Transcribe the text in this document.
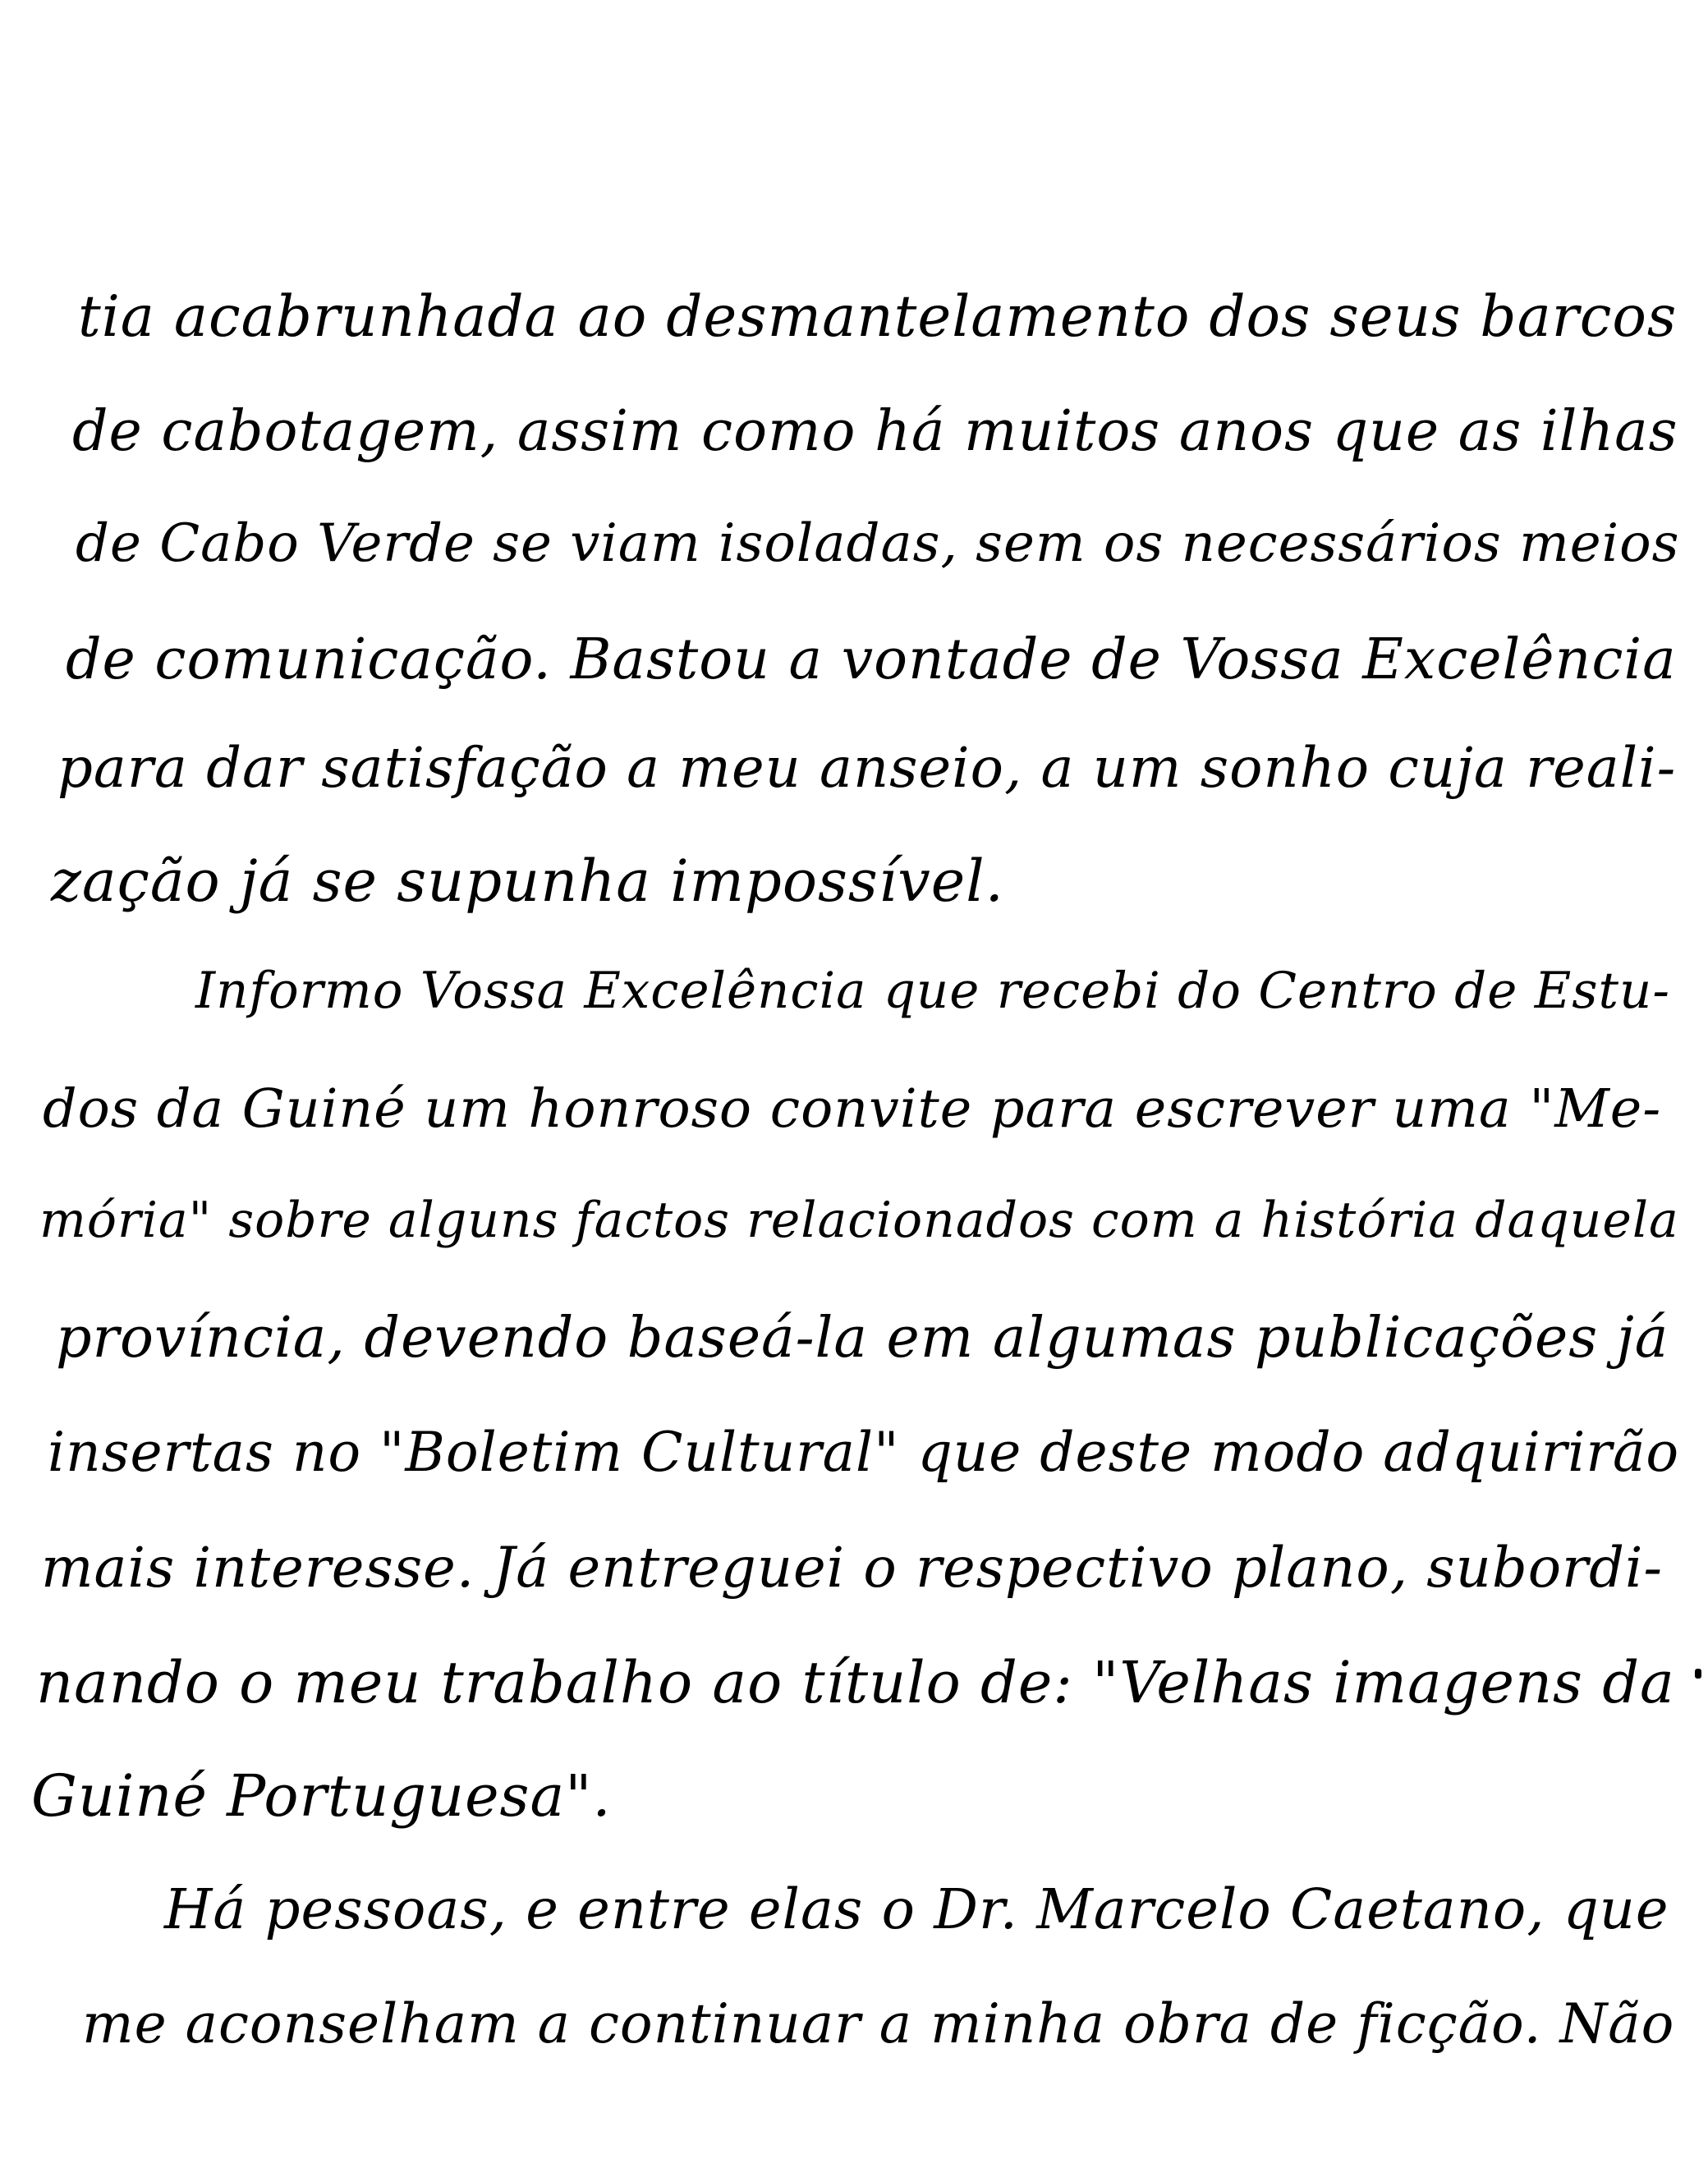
tia acabrunhada ao desmantelamento dos seus barcos
de cabotagem, assim como há muitos anos que as ilhas
de Cabo Verde se viam isoladas, sem os necessários meios
de comunicação. Bastou a vontade de Vossa Excelência
para dar satisfação a meu anseio, a um sonho cuja reali-
zação já se supunha impossível.
Informo Vossa Excelência que recebi do Centro de Estu-
dos da Guiné um honroso convite para escrever uma "Me-
mória" sobre alguns factos relacionados com a história daquela
província, devendo baseá-la em algumas publicações já
insertas no "Boletim Cultural" que deste modo adquirirão
mais interesse. Já entreguei o respectivo plano, subordi-
nando o meu trabalho ao título de: "Velhas imagens da
Guiné Portuguesa".
Há pessoas, e entre elas o Dr. Marcelo Caetano, que
me aconselham a continuar a minha obra de ficção. Não
